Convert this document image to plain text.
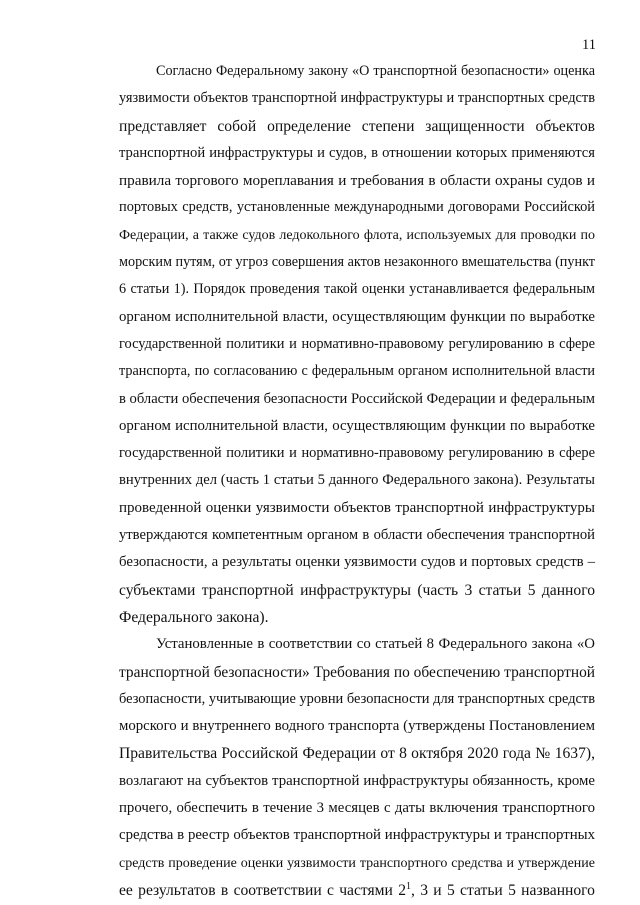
11
Согласно Федеральному закону «О транспортной безопасности» оценка
уязвимости объектов транспортной инфраструктуры и транспортных средств
представляет собой определение степени защищенности объектов
транспортной инфраструктуры и судов, в отношении которых применяются
правила торгового мореплавания и требования в области охраны судов и
портовых средств, установленные международными договорами Российской
Федерации, а также судов ледокольного флота, используемых для проводки по
морским путям, от угроз совершения актов незаконного вмешательства (пункт
6 статьи 1). Порядок проведения такой оценки устанавливается федеральным
органом исполнительной власти, осуществляющим функции по выработке
государственной политики и нормативно-правовому регулированию в сфере
транспорта, по согласованию с федеральным органом исполнительной власти
в области обеспечения безопасности Российской Федерации и федеральным
органом исполнительной власти, осуществляющим функции по выработке
государственной политики и нормативно-правовому регулированию в сфере
внутренних дел (часть 1 статьи 5 данного Федерального закона). Результаты
проведенной оценки уязвимости объектов транспортной инфраструктуры
утверждаются компетентным органом в области обеспечения транспортной
безопасности, а результаты оценки уязвимости судов и портовых средств –
субъектами транспортной инфраструктуры (часть 3 статьи 5 данного
Федерального закона).
Установленные в соответствии со статьей 8 Федерального закона «О
транспортной безопасности» Требования по обеспечению транспортной
безопасности, учитывающие уровни безопасности для транспортных средств
морского и внутреннего водного транспорта (утверждены Постановлением
Правительства Российской Федерации от 8 октября 2020 года № 1637),
возлагают на субъектов транспортной инфраструктуры обязанность, кроме
прочего, обеспечить в течение 3 месяцев с даты включения транспортного
средства в реестр объектов транспортной инфраструктуры и транспортных
средств проведение оценки уязвимости транспортного средства и утверждение
ее результатов в соответствии с частями $2^1$, 3 и 5 статьи 5 названного
